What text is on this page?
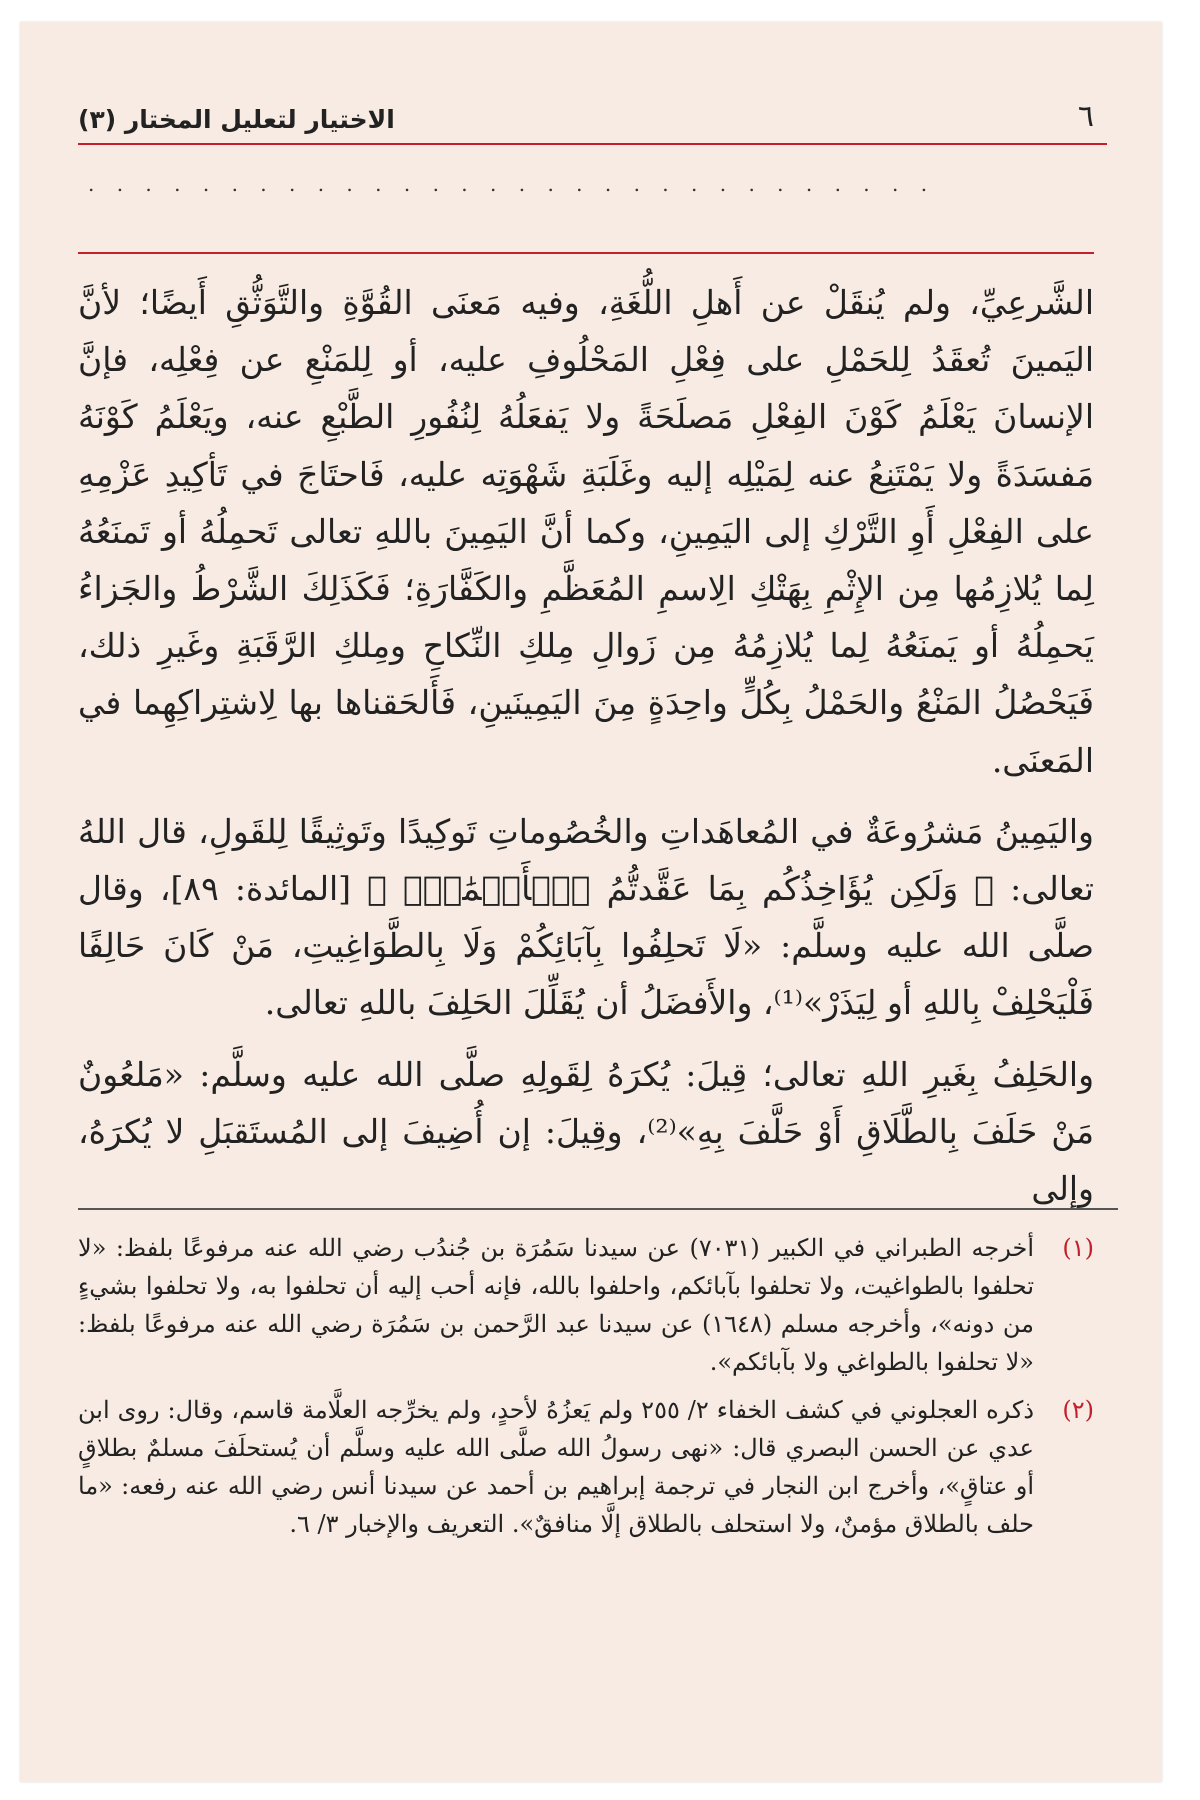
٦
الاختيار لتعليل المختار (٣)
. . . . . . . . . . . . . . . . . . . . . . . . . . . . . .

الشَّرعِيِّ، ولم يُنقَلْ عن أَهلِ اللُّغَةِ، وفيه مَعنَى القُوَّةِ والتَّوَثُّقِ أَيضًا؛ لأنَّ اليَمينَ تُعقَدُ لِلحَمْلِ على فِعْلِ المَحْلُوفِ عليه، أو لِلمَنْعِ عن فِعْلِه، فإنَّ الإنسانَ يَعْلَمُ كَوْنَ الفِعْلِ مَصلَحَةً ولا يَفعَلُهُ لِنُفُورِ الطَّبْعِ عنه، ويَعْلَمُ كَوْنَهُ مَفسَدَةً ولا يَمْتَنِعُ عنه لِمَيْلِه إليه وغَلَبَةِ شَهْوَتِه عليه، فَاحتَاجَ في تَأكِيدِ عَزْمِهِ على الفِعْلِ أَوِ التَّرْكِ إلى اليَمِينِ، وكما أنَّ اليَمِينَ باللهِ تعالى تَحمِلُهُ أو تَمنَعُهُ لِما يُلازِمُها مِن الإِثْمِ بِهَتْكِ الِاسمِ المُعَظَّمِ والكَفَّارَةِ؛ فَكَذَلِكَ الشَّرْطُ والجَزاءُ يَحمِلُهُ أو يَمنَعُهُ لِما يُلازِمُهُ مِن زَوالِ مِلكِ النِّكاحِ ومِلكِ الرَّقَبَةِ وغَيرِ ذلك، فَيَحْصُلُ المَنْعُ والحَمْلُ بِكُلٍّ واحِدَةٍ مِنَ اليَمِينَينِ، فَأَلحَقناها بها لِاشتِراكِهِما في المَعنَى.

واليَمِينُ مَشرُوعَةٌ في المُعاهَداتِ والخُصُوماتِ تَوكِيدًا وتَوثِيقًا لِلقَولِ، قال اللهُ تعالى: ﴿ وَلَكِن يُؤَاخِذُكُم بِمَا عَقَّدتُّمُ ٱلۡأَيۡمَٰنَۖ ﴾ [المائدة: ٨٩]، وقال صلَّى الله عليه وسلَّم: «لَا تَحلِفُوا بِآبَائِكُمْ وَلَا بِالطَّوَاغِيتِ، مَنْ كَانَ حَالِفًا فَلْيَحْلِفْ بِاللهِ أو لِيَذَرْ»⁽¹⁾، والأَفضَلُ أن يُقَلِّلَ الحَلِفَ باللهِ تعالى.

والحَلِفُ بِغَيرِ اللهِ تعالى؛ قِيلَ: يُكرَهُ لِقَولِهِ صلَّى الله عليه وسلَّم: «مَلعُونٌ مَنْ حَلَفَ بِالطَّلَاقِ أَوْ حَلَّفَ بِهِ»⁽²⁾، وقِيلَ: إن أُضِيفَ إلى المُستَقبَلِ لا يُكرَهُ، وإلى

(١)
أخرجه الطبراني في الكبير (٧٠٣١) عن سيدنا سَمُرَة بن جُندُب رضي الله عنه مرفوعًا بلفظ: «لا تحلفوا بالطواغيت، ولا تحلفوا بآبائكم، واحلفوا بالله، فإنه أحب إليه أن تحلفوا به، ولا تحلفوا بشيءٍ من دونه»، وأخرجه مسلم (١٦٤٨) عن سيدنا عبد الرَّحمن بن سَمُرَة رضي الله عنه مرفوعًا بلفظ: «لا تحلفوا بالطواغي ولا بآبائكم».
(٢)
ذكره العجلوني في كشف الخفاء ٢/ ٢٥٥ ولم يَعزُهُ لأحدٍ، ولم يخرِّجه العلَّامة قاسم، وقال: روى ابن عدي عن الحسن البصري قال: «نهى رسولُ الله صلَّى الله عليه وسلَّم أن يُستحلَفَ مسلمٌ بطلاقٍ أو عتاقٍ»، وأخرج ابن النجار في ترجمة إبراهيم بن أحمد عن سيدنا أنس رضي الله عنه رفعه: «ما حلف بالطلاق مؤمنٌ، ولا استحلف بالطلاق إلَّا منافقٌ». التعريف والإخبار ٣/ ٦.
